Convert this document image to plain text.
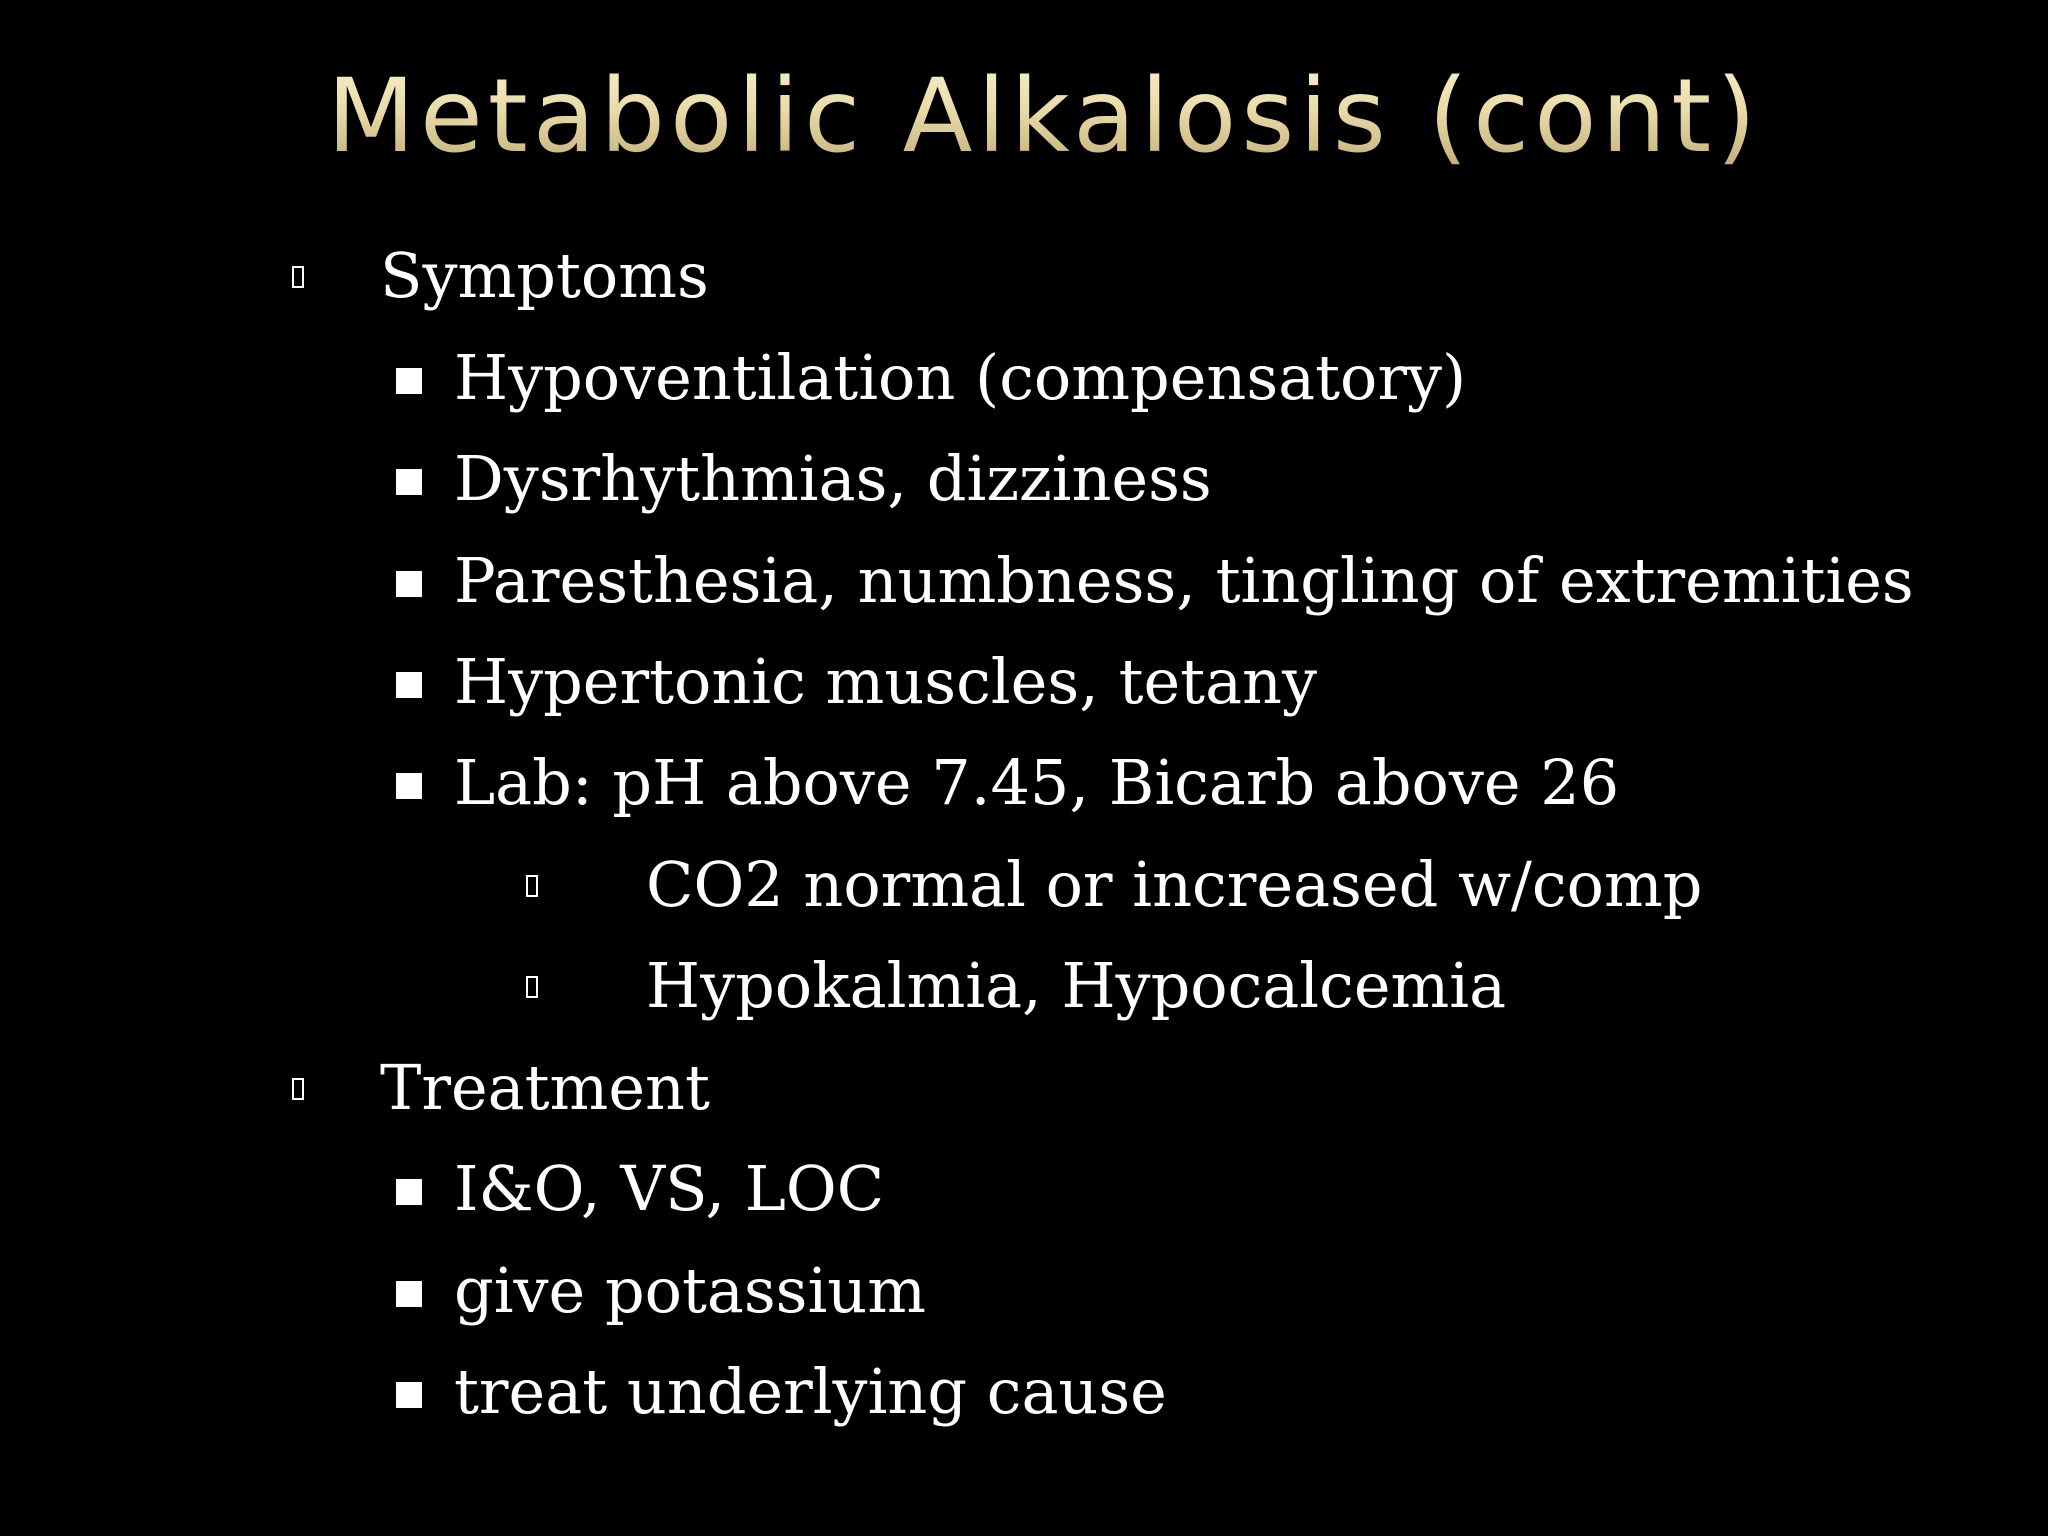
Metabolic Alkalosis (cont)
Symptoms
Hypoventilation (compensatory)
Dysrhythmias, dizziness
Paresthesia, numbness, tingling of extremities
Hypertonic muscles, tetany
Lab: pH above 7.45, Bicarb above 26
CO2 normal or increased w/comp
Hypokalmia, Hypocalcemia
Treatment
I&O, VS, LOC
give potassium
treat underlying cause
